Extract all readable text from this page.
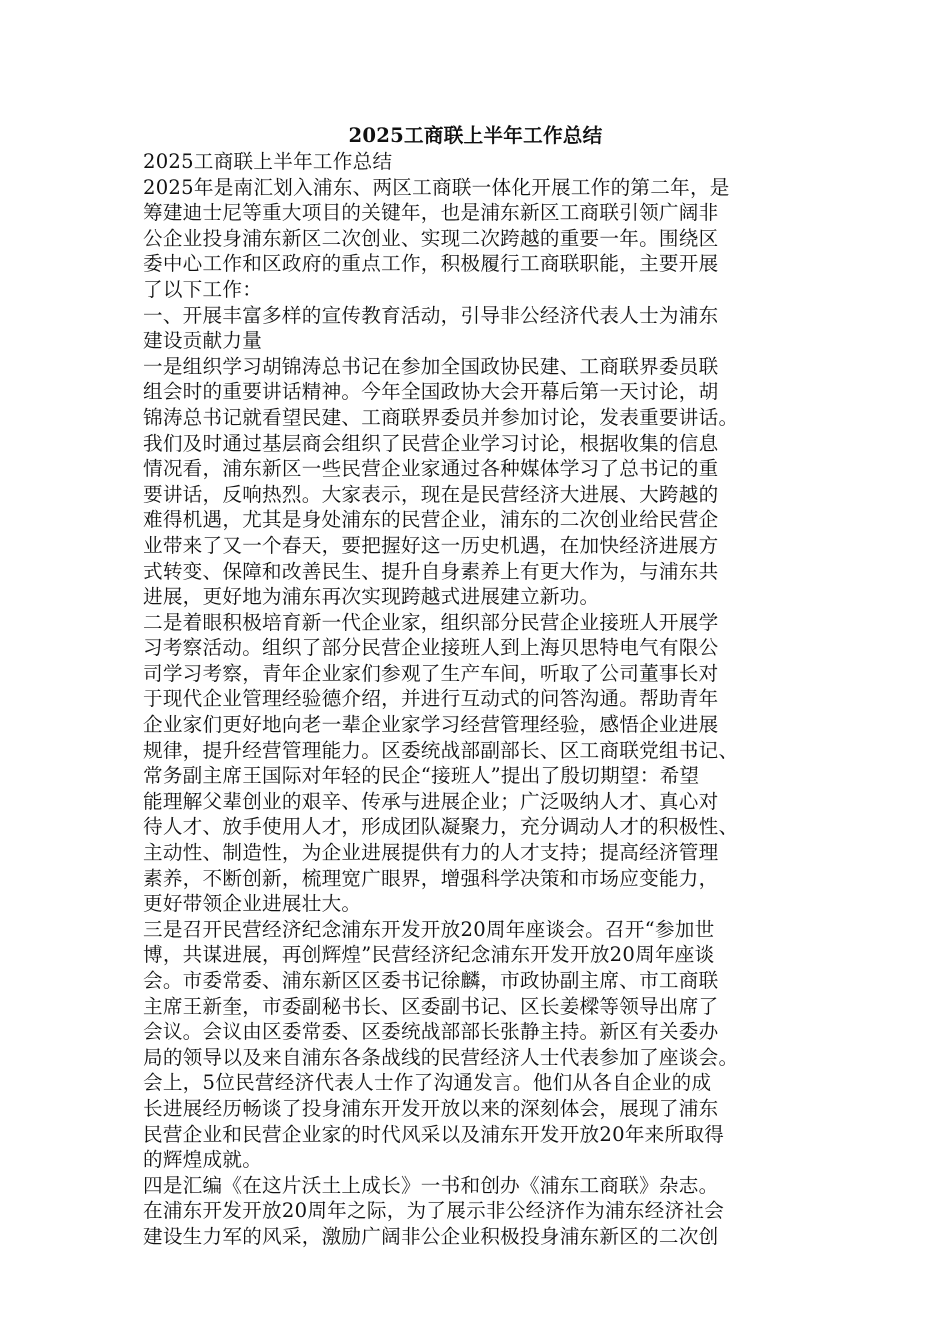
2025工商联上半年工作总结
2025工商联上半年工作总结
2025年是南汇划入浦东、两区工商联一体化开展工作的第二年，是
筹建迪士尼等重大项目的关键年，也是浦东新区工商联引领广阔非
公企业投身浦东新区二次创业、实现二次跨越的重要一年。围绕区
委中心工作和区政府的重点工作，积极履行工商联职能，主要开展
了以下工作：
一、开展丰富多样的宣传教育活动，引导非公经济代表人士为浦东
建设贡献力量
一是组织学习胡锦涛总书记在参加全国政协民建、工商联界委员联
组会时的重要讲话精神。今年全国政协大会开幕后第一天讨论，胡
锦涛总书记就看望民建、工商联界委员并参加讨论，发表重要讲话。
我们及时通过基层商会组织了民营企业学习讨论，根据收集的信息
情况看，浦东新区一些民营企业家通过各种媒体学习了总书记的重
要讲话，反响热烈。大家表示，现在是民营经济大进展、大跨越的
难得机遇，尤其是身处浦东的民营企业，浦东的二次创业给民营企
业带来了又一个春天，要把握好这一历史机遇，在加快经济进展方
式转变、保障和改善民生、提升自身素养上有更大作为，与浦东共
进展，更好地为浦东再次实现跨越式进展建立新功。
二是着眼积极培育新一代企业家，组织部分民营企业接班人开展学
习考察活动。组织了部分民营企业接班人到上海贝思特电气有限公
司学习考察，青年企业家们参观了生产车间，听取了公司董事长对
于现代企业管理经验德介绍，并进行互动式的问答沟通。帮助青年
企业家们更好地向老一辈企业家学习经营管理经验，感悟企业进展
规律，提升经营管理能力。区委统战部副部长、区工商联党组书记、
常务副主席王国际对年轻的民企“接班人”提出了殷切期望：希望
能理解父辈创业的艰辛、传承与进展企业；广泛吸纳人才、真心对
待人才、放手使用人才，形成团队凝聚力，充分调动人才的积极性、
主动性、制造性，为企业进展提供有力的人才支持；提高经济管理
素养，不断创新，梳理宽广眼界，增强科学决策和市场应变能力，
更好带领企业进展壮大。
三是召开民营经济纪念浦东开发开放20周年座谈会。召开“参加世
博，共谋进展，再创辉煌”民营经济纪念浦东开发开放20周年座谈
会。市委常委、浦东新区区委书记徐麟，市政协副主席、市工商联
主席王新奎，市委副秘书长、区委副书记、区长姜樑等领导出席了
会议。会议由区委常委、区委统战部部长张静主持。新区有关委办
局的领导以及来自浦东各条战线的民营经济人士代表参加了座谈会。
会上，5位民营经济代表人士作了沟通发言。他们从各自企业的成
长进展经历畅谈了投身浦东开发开放以来的深刻体会，展现了浦东
民营企业和民营企业家的时代风采以及浦东开发开放20年来所取得
的辉煌成就。
四是汇编《在这片沃土上成长》一书和创办《浦东工商联》杂志。
在浦东开发开放20周年之际，为了展示非公经济作为浦东经济社会
建设生力军的风采，激励广阔非公企业积极投身浦东新区的二次创
